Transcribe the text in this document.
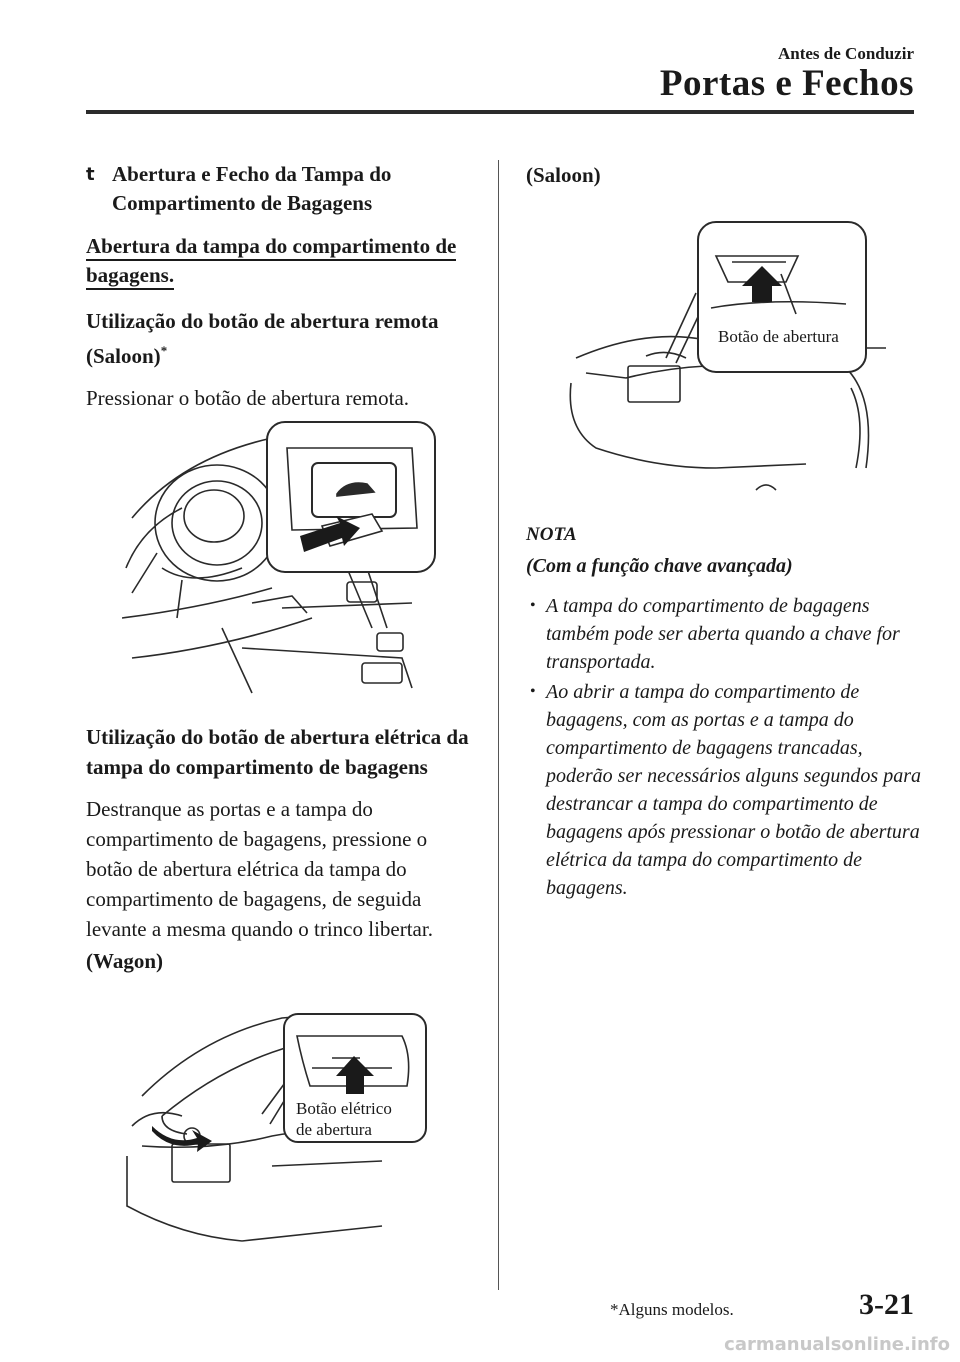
Antes de Conduzir
Portas e Fechos
t Abertura e Fecho da Tampa do Compartimento de Bagagens
Abertura da tampa do compartimento de bagagens.
Utilização do botão de abertura remota (Saloon)*
Pressionar o botão de abertura remota.
Utilização do botão de abertura elétrica da tampa do compartimento de bagagens
Destranque as portas e a tampa do compartimento de bagagens, pressione o botão de abertura elétrica da tampa do compartimento de bagagens, de seguida levante a mesma quando o trinco libertar.
(Wagon)
Botão elétrico
de abertura
(Saloon)
Botão de abertura
NOTA
(Com a função chave avançada)
• A tampa do compartimento de bagagens também pode ser aberta quando a chave for transportada.
• Ao abrir a tampa do compartimento de bagagens, com as portas e a tampa do compartimento de bagagens trancadas, poderão ser necessários alguns segundos para destrancar a tampa do compartimento de bagagens após pressionar o botão de abertura elétrica da tampa do compartimento de bagagens.
*Alguns modelos.	3-21
carmanualsonline.info
